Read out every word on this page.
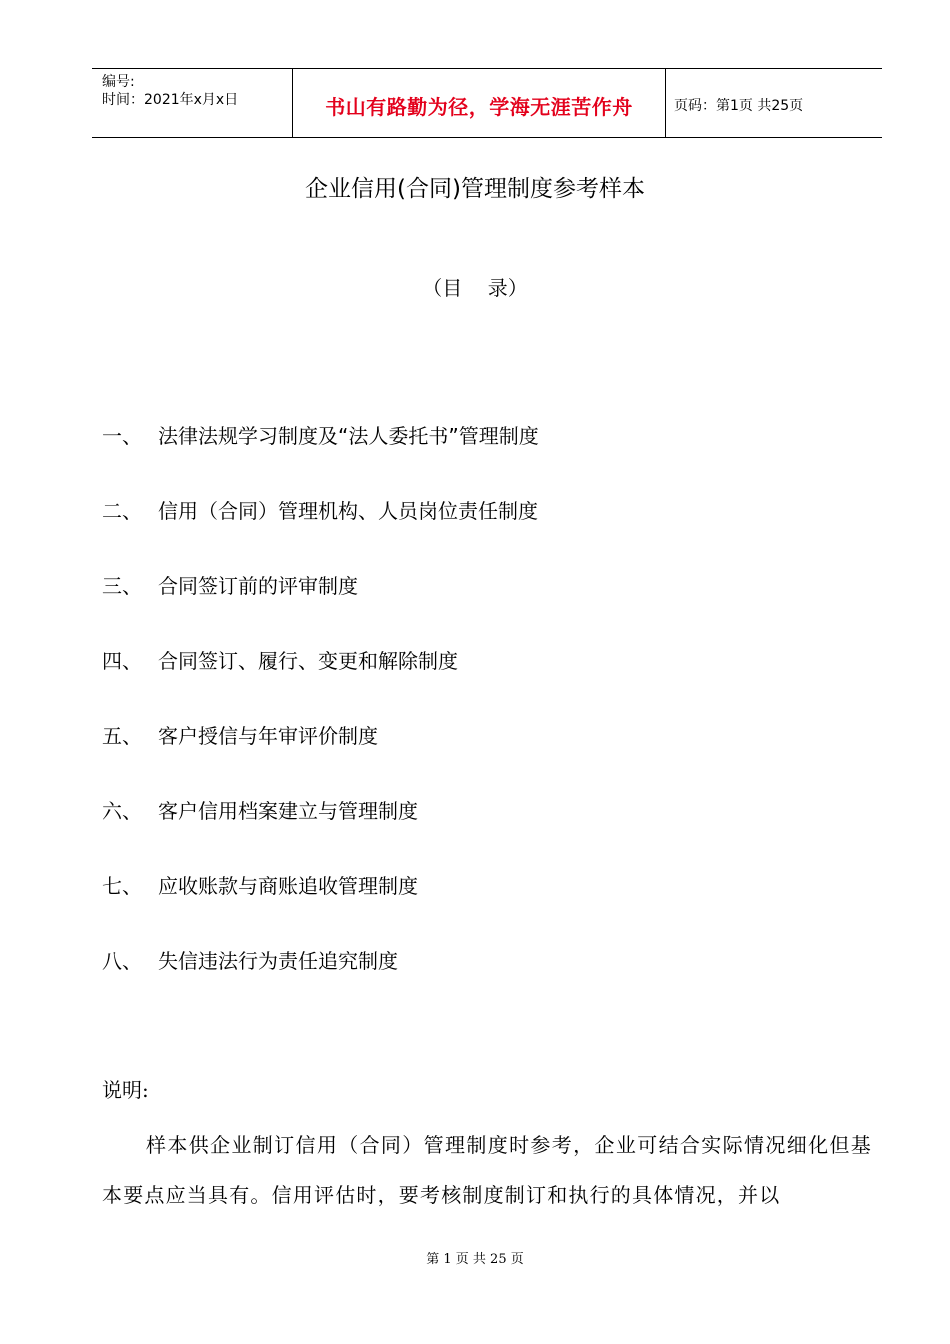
编号:
时间：2021年x月x日	书山有路勤为径，学海无涯苦作舟	页码：第1页 共25页
企业信用(合同)管理制度参考样本
（目    录）
一、 法律法规学习制度及“法人委托书”管理制度
二、 信用（合同）管理机构、人员岗位责任制度
三、 合同签订前的评审制度
四、 合同签订、履行、变更和解除制度
五、 客户授信与年审评价制度
六、 客户信用档案建立与管理制度
七、 应收账款与商账追收管理制度
八、 失信违法行为责任追究制度
说明:

样本供企业制订信用（合同）管理制度时参考，企业可结合实际情况细化但基本要点应当具有。信用评估时，要考核制度制订和执行的具体情况，并以

第 1 页 共 25 页
